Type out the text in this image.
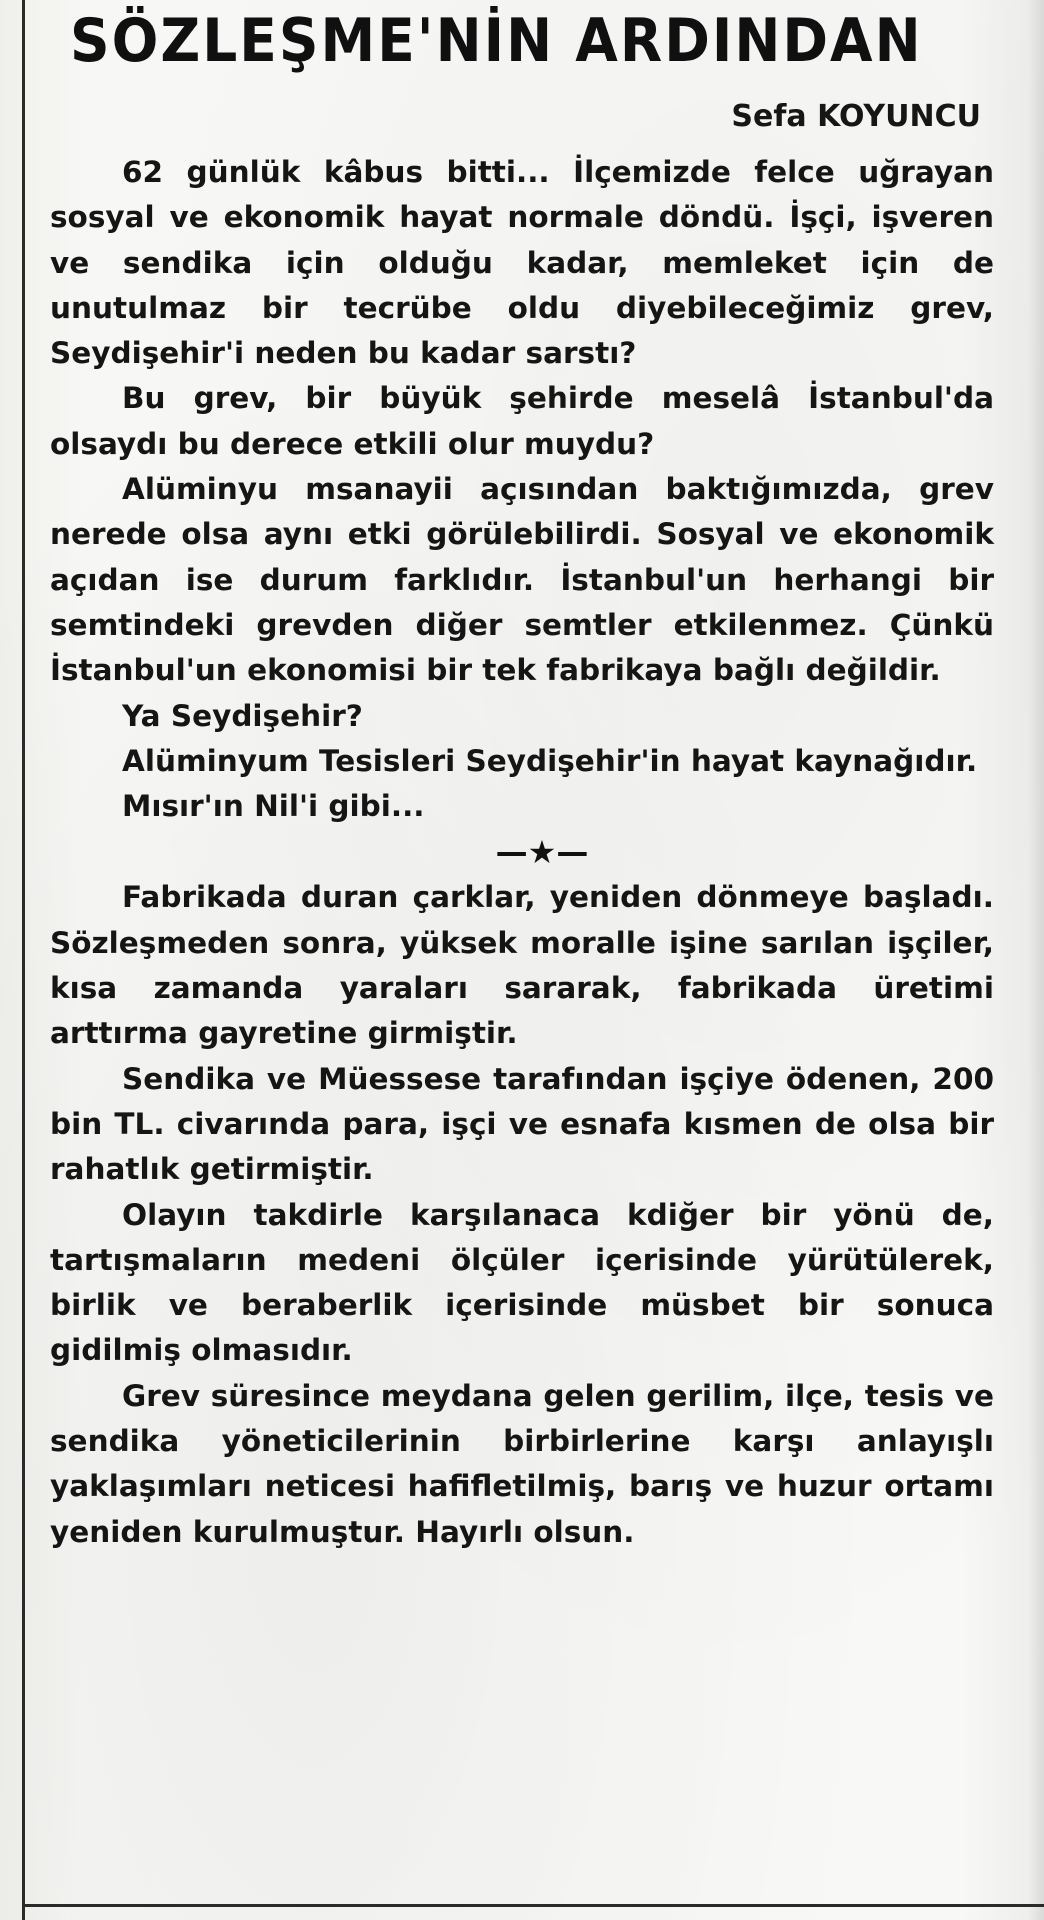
SÖZLEŞME'NİN ARDINDAN
Sefa KOYUNCU

62 günlük kâbus bitti... İlçemizde felce uğrayan sosyal ve ekonomik hayat normale döndü. İşçi, işveren ve sendika için olduğu kadar, memleket için de unutulmaz bir tecrübe oldu diyebileceğimiz grev, Seydişehir'i neden bu kadar sarstı?

Bu grev, bir büyük şehirde meselâ İstanbul'da olsaydı bu derece etkili olur muydu?

Alüminyu msanayii açısından baktığımızda, grev nerede olsa aynı etki görülebilirdi. Sosyal ve ekonomik açıdan ise durum farklıdır. İstanbul'un herhangi bir semtindeki grevden diğer semtler etkilenmez. Çünkü İstanbul'un ekonomisi bir tek fabrikaya bağlı değildir.

Ya Seydişehir?

Alüminyum Tesisleri Seydişehir'in hayat kaynağıdır.

Mısır'ın Nil'i gibi...

—★—

Fabrikada duran çarklar, yeniden dönmeye başladı. Sözleşmeden sonra, yüksek moralle işine sarılan işçiler, kısa zamanda yaraları sararak, fabrikada üretimi arttırma gayretine girmiştir.

Sendika ve Müessese tarafından işçiye ödenen, 200 bin TL. civarında para, işçi ve esnafa kısmen de olsa bir rahatlık getirmiştir.

Olayın takdirle karşılanaca kdiğer bir yönü de, tartışmaların medeni ölçüler içerisinde yürütülerek, birlik ve beraberlik içerisinde müsbet bir sonuca gidilmiş olmasıdır.

Grev süresince meydana gelen gerilim, ilçe, tesis ve sendika yöneticilerinin birbirlerine karşı anlayışlı yaklaşımları neticesi hafifletilmiş, barış ve huzur ortamı yeniden kurulmuştur. Hayırlı olsun.
